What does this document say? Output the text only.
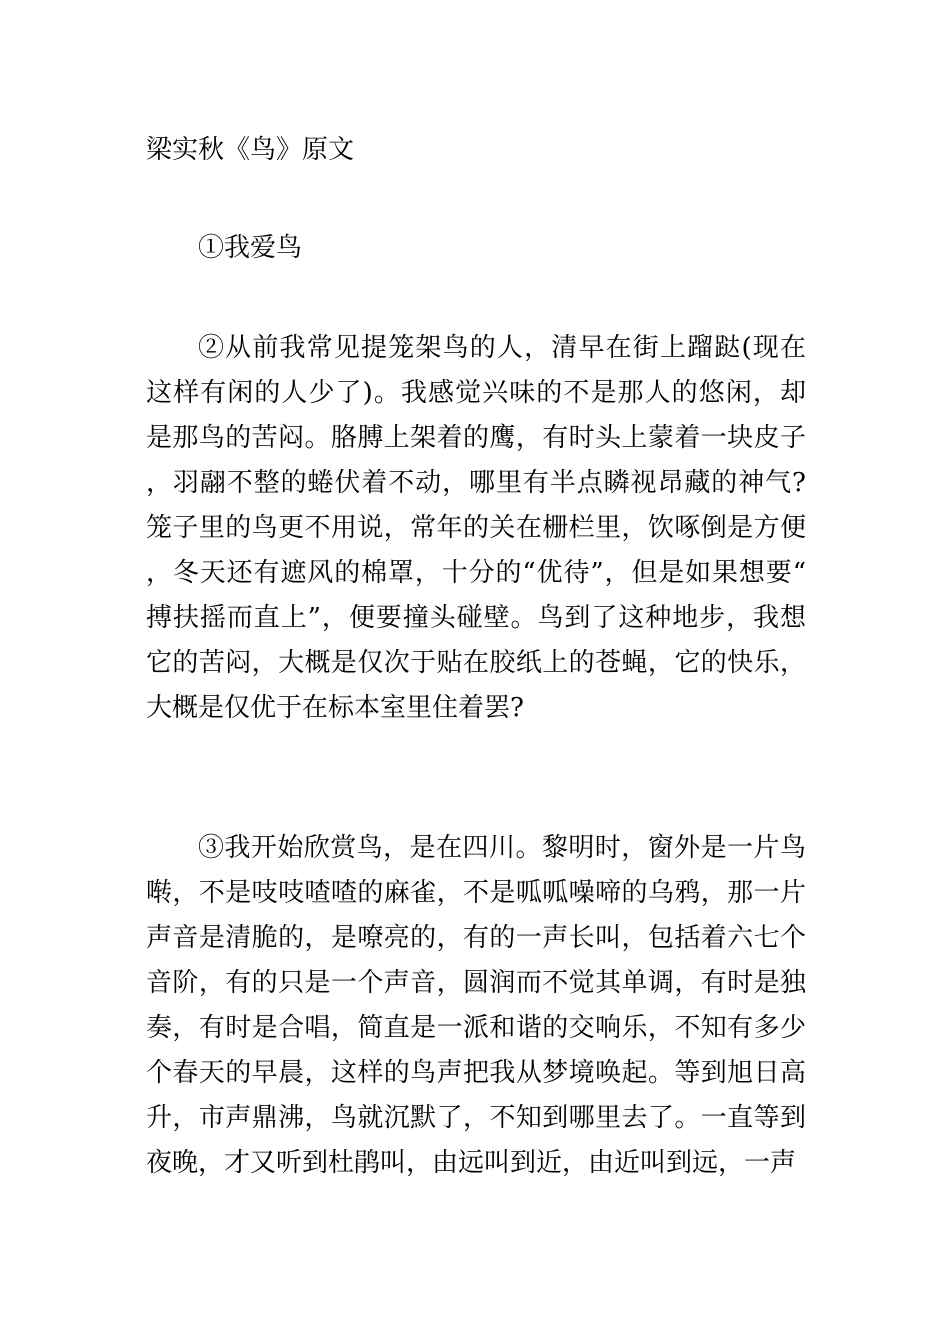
梁实秋《鸟》原文

①我爱鸟

②从前我常见提笼架鸟的人，清早在街上蹓跶(现在这样有闲的人少了)。我感觉兴味的不是那人的悠闲，却是那鸟的苦闷。胳膊上架着的鹰，有时头上蒙着一块皮子，羽翮不整的蜷伏着不动，哪里有半点瞵视昂藏的神气?笼子里的鸟更不用说，常年的关在栅栏里，饮啄倒是方便，冬天还有遮风的棉罩，十分的“优待”，但是如果想要“搏扶摇而直上”，便要撞头碰壁。鸟到了这种地步，我想它的苦闷，大概是仅次于贴在胶纸上的苍蝇，它的快乐，大概是仅优于在标本室里住着罢?

③我开始欣赏鸟，是在四川。黎明时，窗外是一片鸟啭，不是吱吱喳喳的麻雀，不是呱呱噪啼的乌鸦，那一片声音是清脆的，是嘹亮的，有的一声长叫，包括着六七个音阶，有的只是一个声音，圆润而不觉其单调，有时是独奏，有时是合唱，简直是一派和谐的交响乐，不知有多少个春天的早晨，这样的鸟声把我从梦境唤起。等到旭日高升，市声鼎沸，鸟就沉默了，不知到哪里去了。一直等到夜晚，才又听到杜鹃叫，由远叫到近，由近叫到远，一声
